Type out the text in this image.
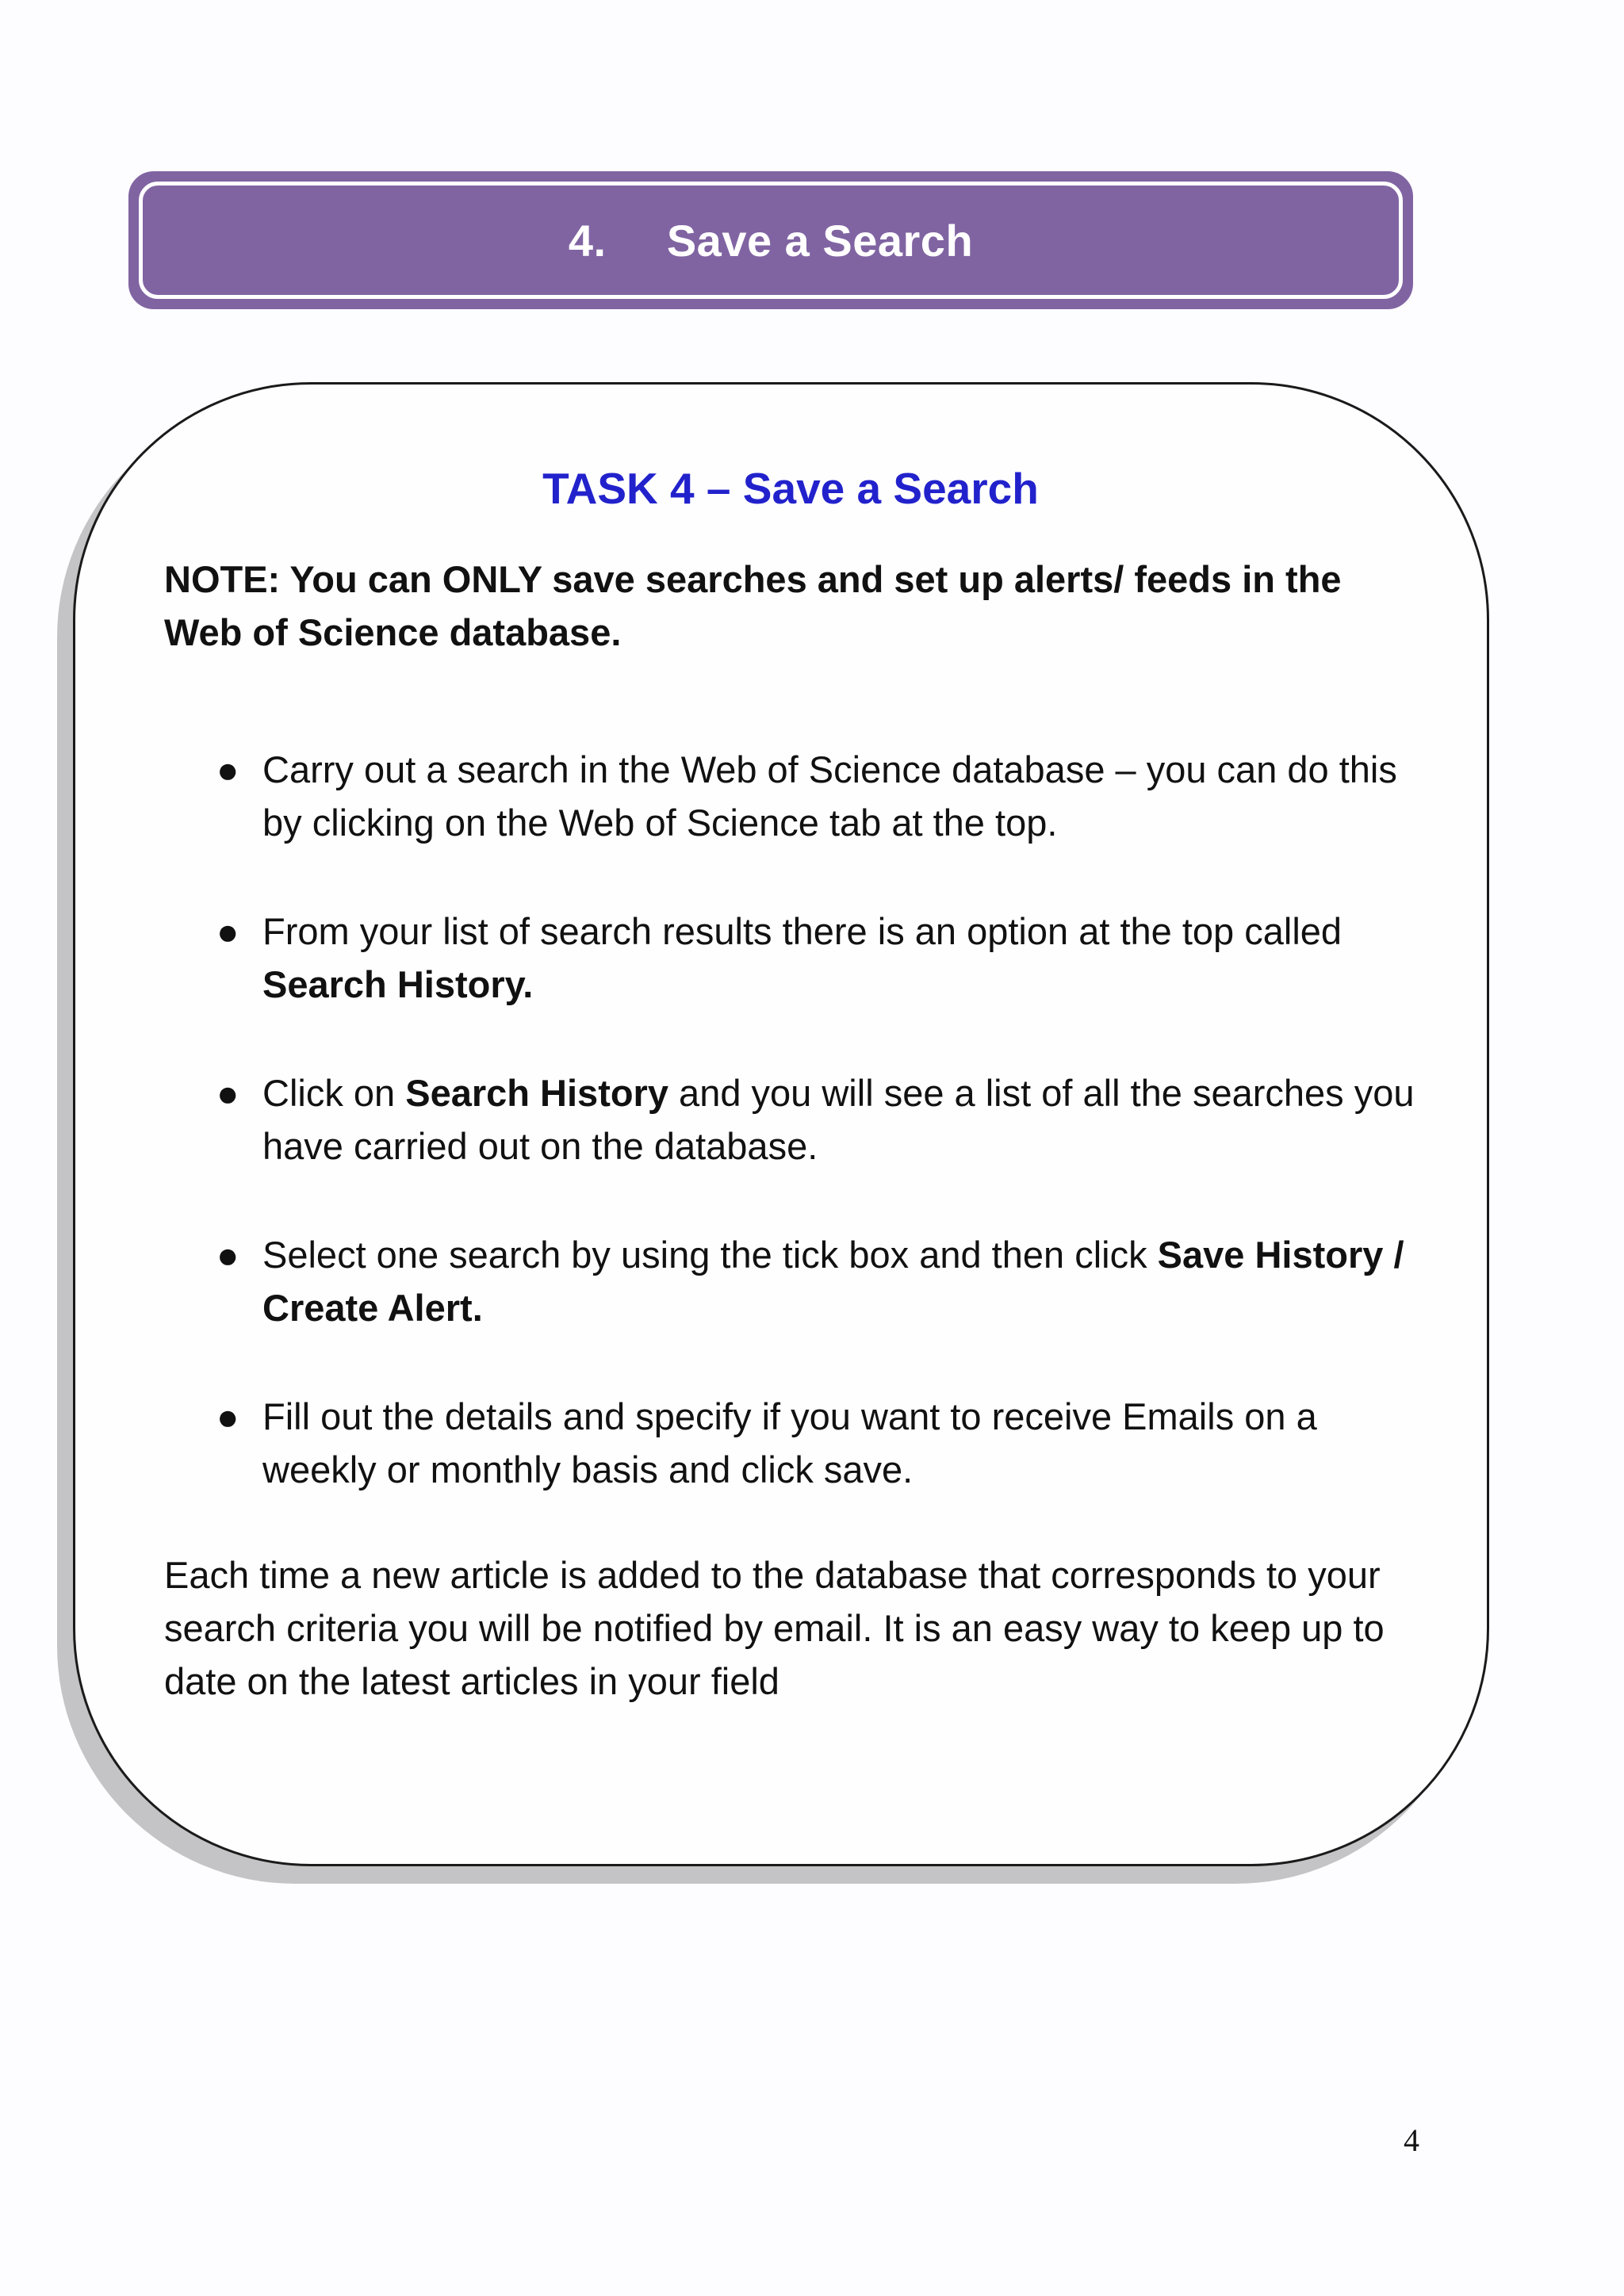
4.	Save a Search
TASK 4 – Save a Search

NOTE: You can ONLY save searches and set up alerts/ feeds in the Web of Science database.

● Carry out a search in the Web of Science database – you can do this by clicking on the Web of Science tab at the top.
● From your list of search results there is an option at the top called Search History.
● Click on Search History and you will see a list of all the searches you have carried out on the database.
● Select one search by using the tick box and then click Save History / Create Alert.
● Fill out the details and specify if you want to receive Emails on a weekly or monthly basis and click save.

Each time a new article is added to the database that corresponds to your search criteria you will be notified by email. It is an easy way to keep up to date on the latest articles in your field

4
